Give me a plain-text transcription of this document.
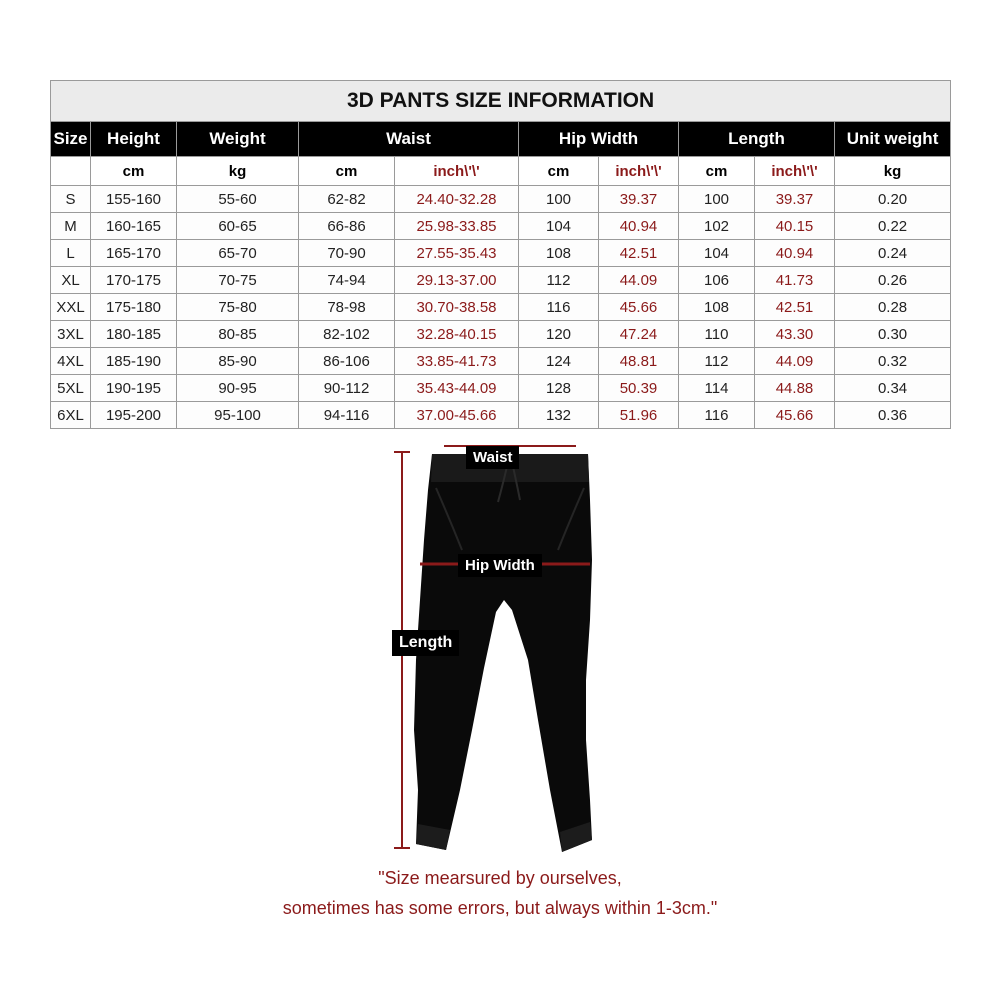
3D PANTS SIZE INFORMATION									
Size	Height	Weight	Waist		Hip Width		Length		Unit weight
	cm	kg	cm	inch\'\'	cm	inch\'\'	cm	inch\'\'	kg
S	155-160	55-60	62-82	24.40-32.28	100	39.37	100	39.37	0.20
M	160-165	60-65	66-86	25.98-33.85	104	40.94	102	40.15	0.22
L	165-170	65-70	70-90	27.55-35.43	108	42.51	104	40.94	0.24
XL	170-175	70-75	74-94	29.13-37.00	112	44.09	106	41.73	0.26
XXL	175-180	75-80	78-98	30.70-38.58	116	45.66	108	42.51	0.28
3XL	180-185	80-85	82-102	32.28-40.15	120	47.24	110	43.30	0.30
4XL	185-190	85-90	86-106	33.85-41.73	124	48.81	112	44.09	0.32
5XL	190-195	90-95	90-112	35.43-44.09	128	50.39	114	44.88	0.34
6XL	195-200	95-100	94-116	37.00-45.66	132	51.96	116	45.66	0.36
Waist
Hip Width
Length
"Size mearsured by ourselves,
sometimes has some errors, but always within 1-3cm."
